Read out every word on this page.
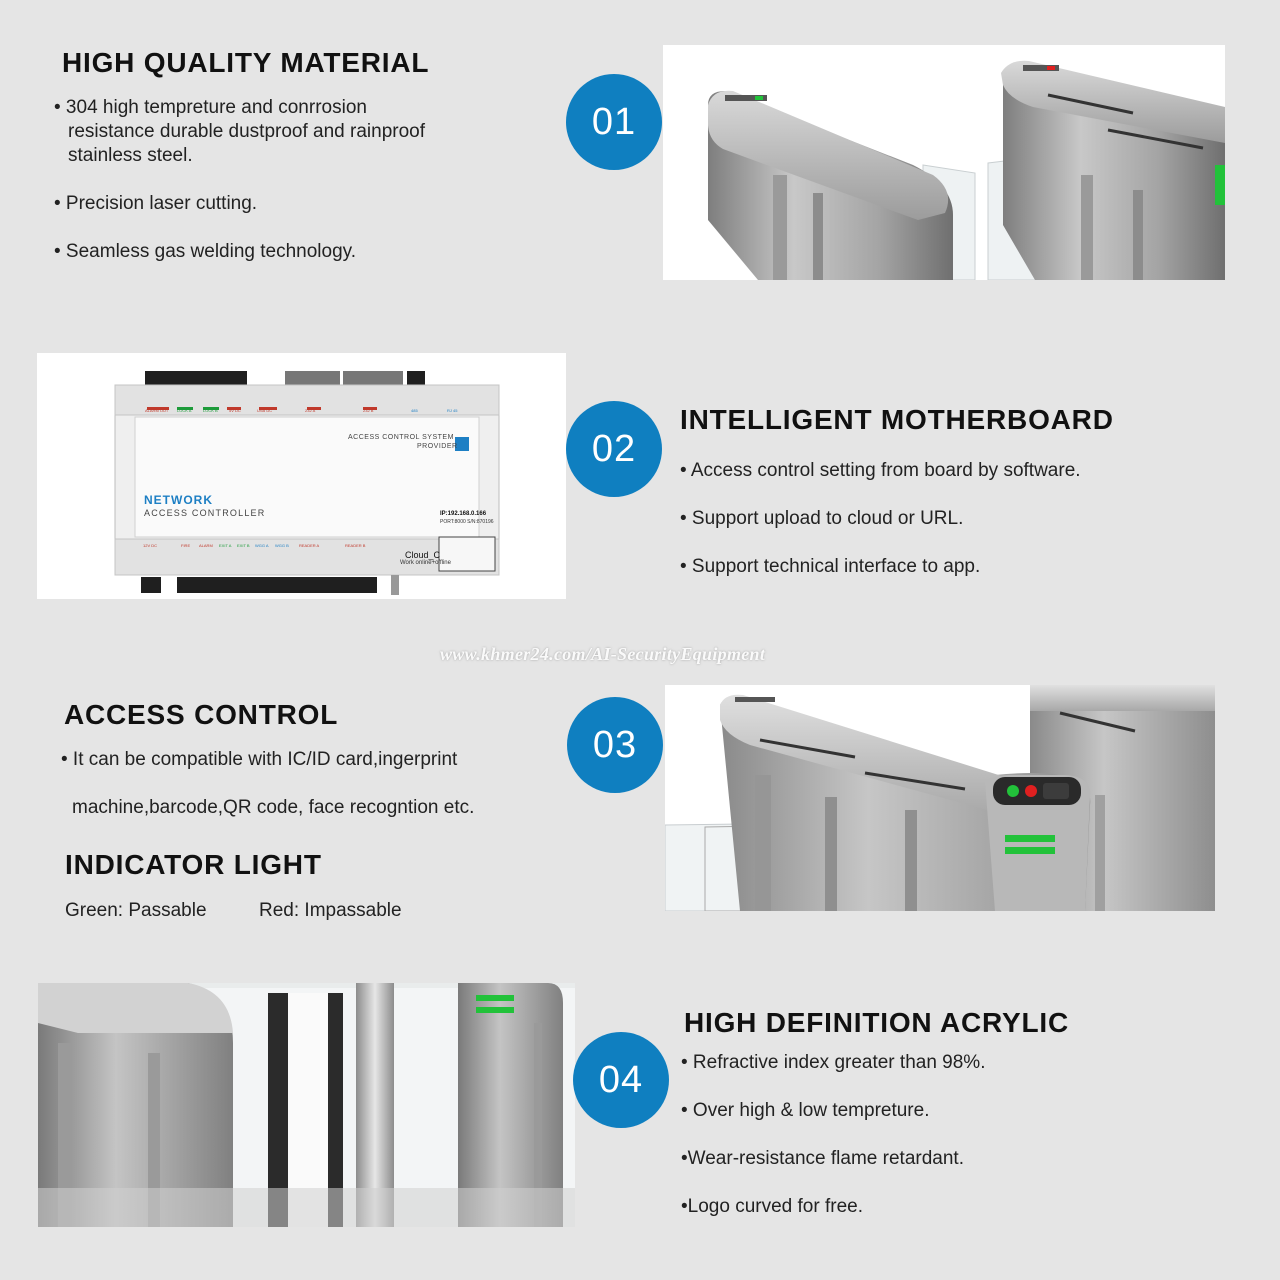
HIGH QUALITY MATERIAL
• 304 high tempreture and conrrosion
resistance durable dustproof and rainproof
stainless steel.
• Precision laser cutting.
• Seamless gas welding technology.
01
ACCESS CONTROL SYSTEM
PROVIDER
NETWORK
ACCESS CONTROLLER	IP:192.168.0.166
PORT:8000 S/N:870196
Cloud_C
Work online+offline
ALARM OUT LOCK A	LOCK B	5V DC	USB DC	232 A	232 B	485	RJ 45
12V DC	FIRE ALARM EXIT A EXIT B WGG A WGG B	READER A	READER B
02
INTELLIGENT MOTHERBOARD
• Access control setting from board by software.
• Support upload to cloud or URL.
• Support technical interface to app.
www.khmer24.com/AI-SecurityEquipment
ACCESS CONTROL
• It can be compatible with IC/ID card,ingerprint
machine,barcode,QR code, face recogntion etc.
INDICATOR LIGHT
Green: Passable	Red: Impassable
03
04
HIGH DEFINITION ACRYLIC
• Refractive index greater than 98%.
• Over high & low tempreture.
•Wear-resistance flame retardant.
•Logo curved for free.
